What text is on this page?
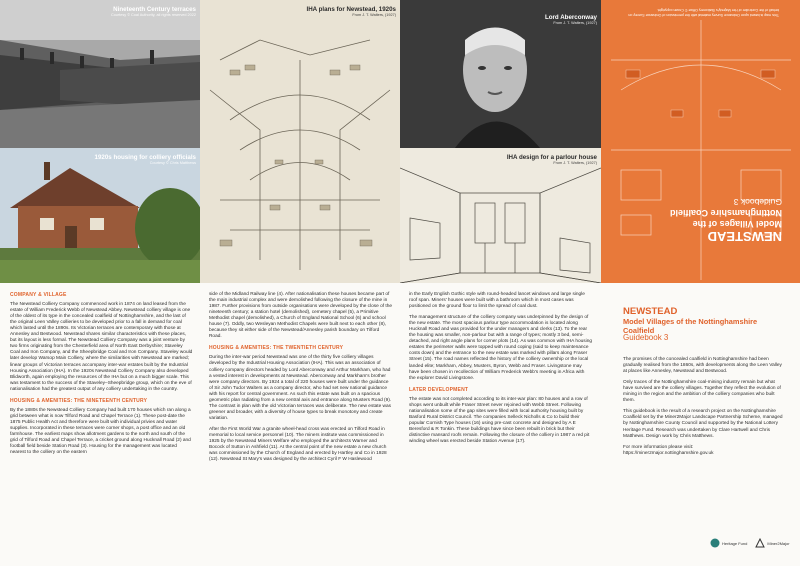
Nineteenth Century terraces
Courtesy © Coal Authority, all rights reserved 2022
1920s housing for colliery officials
Courtesy © Chris Matthews
IHA plans for Newstead, 1920s
From J. T. Walters, (1927)	Lord Aberconway
From J. T. Walters, (1927)
IHA design for a parlour house
From J. T. Walters, (1927)
This map is based upon Ordnance Survey material with the permission of Ordnance Survey on behalf of the Controller of Her Majesty's Stationery Office © Crown copyright.
NEWSTEAD
Model Villages of the
Nottinghamshire Coalfield
Guidebook 3
COMPANY & VILLAGE

The Newstead Colliery Company commenced work in 1874 on land leased from the estate of William Frederick Webb of Newstead Abbey. Newstead colliery village is one of the oldest of its type in the concealed coalfield of Nottinghamshire, and the last of the original Leen Valley collieries to be developed prior to a fall in demand for coal which lasted until the 1890s. Its Victorian terraces are contemporary with those at Annesley and Bestwood. Newstead shares similar characteristics with these places, but its layout is less formal. The Newstead Colliery Company was a joint venture by two firms originating from the Chesterfield area of North East Derbyshire; Staveley Coal and Iron Company, and the Sheepbridge Coal and Iron Company. Staveley would later develop Warsop Main Colliery, where the similarities with Newstead are marked; linear groups of Victorian terraces accompany inter-war estates built by the Industrial Housing Association (IHA). In the 1920s Newstead Colliery Company also developed Blidworth, again employing the resources of the IHA but on a much bigger scale. This was testament to the success of the Staveley–Sheepbridge group, which on the eve of nationalisation had the greatest output of any colliery undertaking in the country.

HOUSING & AMENITIES: THE NINETEENTH CENTURY

By the 1880s the Newstead Colliery Company had built 170 houses which ran along a grid between what is now Tilford Road and Chapel Terrace (1). These post-date the 1875 Public Health Act and therefore were built with individual privies and water supplies. Incorporated in these terraces were corner shops, a post office and an old farmhouse. The earliest maps show allotment gardens to the north and south of the grid of Tilford Road and Chapel Terrace, a cricket ground along Hucknall Road (2) and football field beside Station Road (3). Housing for the management was located nearest to the colliery on the eastern

side of the Midland Railway line (4). After nationalisation these houses became part of the main industrial complex and were demolished following the closure of the mine in 1987. Further provisions from outside organisations were developed by the close of the nineteenth century; a station hotel (demolished), cemetery chapel (5), a Primitive Methodist chapel (demolished), a Church of England National School (6) and school house (7). Oddly, two Wesleyan Methodist Chapels were built next to each other (8), because they sit either side of the Newstead/Annesley parish boundary on Tilford Road.

HOUSING & AMENITIES: THE TWENTIETH CENTURY

During the inter-war period Newstead was one of the thirty five colliery villages developed by the Industrial Housing Association (IHA). This was an association of colliery company directors headed by Lord Aberconway and Arthur Markham, who had a vested interest in developments at Newstead. Aberconway and Markham's brother were company directors. By 1924 a total of 220 houses were built under the guidance of Sir John Tudor Walters as a company director, who had set new national guidance with his report for central government. As such this estate was built on a spacious geometric plan radiating from a new central axis and entrance along Musters Road (9). The contrast in plan with the old Victorian terraces was deliberate. The new estate was greener and broader, with a diversity of house types to break monotony and create variation.

After the First World War a granite wheel-head cross was erected on Tilford Road in memorial to local service personnel (10). The miners institute was commissioned in 1925 by the Newstead Miners Welfare who employed the architects Warner and Bocock of Sutton in Ashfield (11). At the central point of the new estate a new church was commissioned by the Church of England and erected by Hartley and Co in 1928 (12). Newstead St Mary's was designed by the architect Cyril F W Haslewood

in the Early English Gothic style with round-headed lancet windows and large single roof span. Miners' houses were built with a bathroom which in most cases was positioned on the ground floor to limit the spread of coal dust.

The management structure of the colliery company was underpinned by the design of the new estate. The most spacious parlour type accommodation is located along Hucknall Road and was provided for the under managers and clerks (13). To the rear the housing was smaller, non-parlour but with a range of types; mostly 3 bed, semi-detached, and right angle plans for corner plots (14). As was common with IHA housing estates the perimeter walls were topped with round coping (said to keep maintenance costs down) and the entrance to the new estate was marked with pillars along Fraser Street (15). The road names reflected the history of the colliery ownership or the local landed elite; Markham, Abbey, Musters, Byron, Webb and Fraser. Livingstone may have been chosen in recollection of William Frederick Webb's meeting in Africa with the explorer David Livingstone.

LATER DEVELOPMENT

The estate was not completed according to its inter-war plan: 80 houses and a row of shops went unbuilt while Fraser Street never rejoined with Webb Street. Following nationalisation some of the gap sites were filled with local authority housing built by Basford Rural District Council. The companies Selleck Nicholls & Co to build their popular Cornish Type houses (16) using pre-cast concrete and designed by A E Beresford & R Tonkin. These buildings have since been rebuilt in brick but their distinctive mansard roofs remain. Following the closure of the colliery in 1987 a red pit winding wheel was erected beside Station Avenue (17).

NEWSTEAD
Model Villages of the Nottinghamshire Coalfield
Guidebook 3

The promises of the concealed coalfield in Nottinghamshire had been gradually realised from the 1860s, with developments along the Leen Valley at places like Annesley, Newstead and Bestwood.

Only traces of the Nottinghamshire coal-mining industry remain but what have survived are the colliery villages. Together they reflect the evolution of mining in the region and the ambition of the colliery companies who built them.

This guidebook is the result of a research project on the Nottinghamshire Coalfield set by the Miner2Major Landscape Partnership Scheme, managed by Nottinghamshire County Council and supported by the National Lottery Heritage Fund. Research was undertaken by Clare Hartwell and Chris Matthews. Design work by Chris Matthews.

For more information please visit:

https://miner2major.nottinghamshire.gov.uk

Heritage Fund	Miner2Major
